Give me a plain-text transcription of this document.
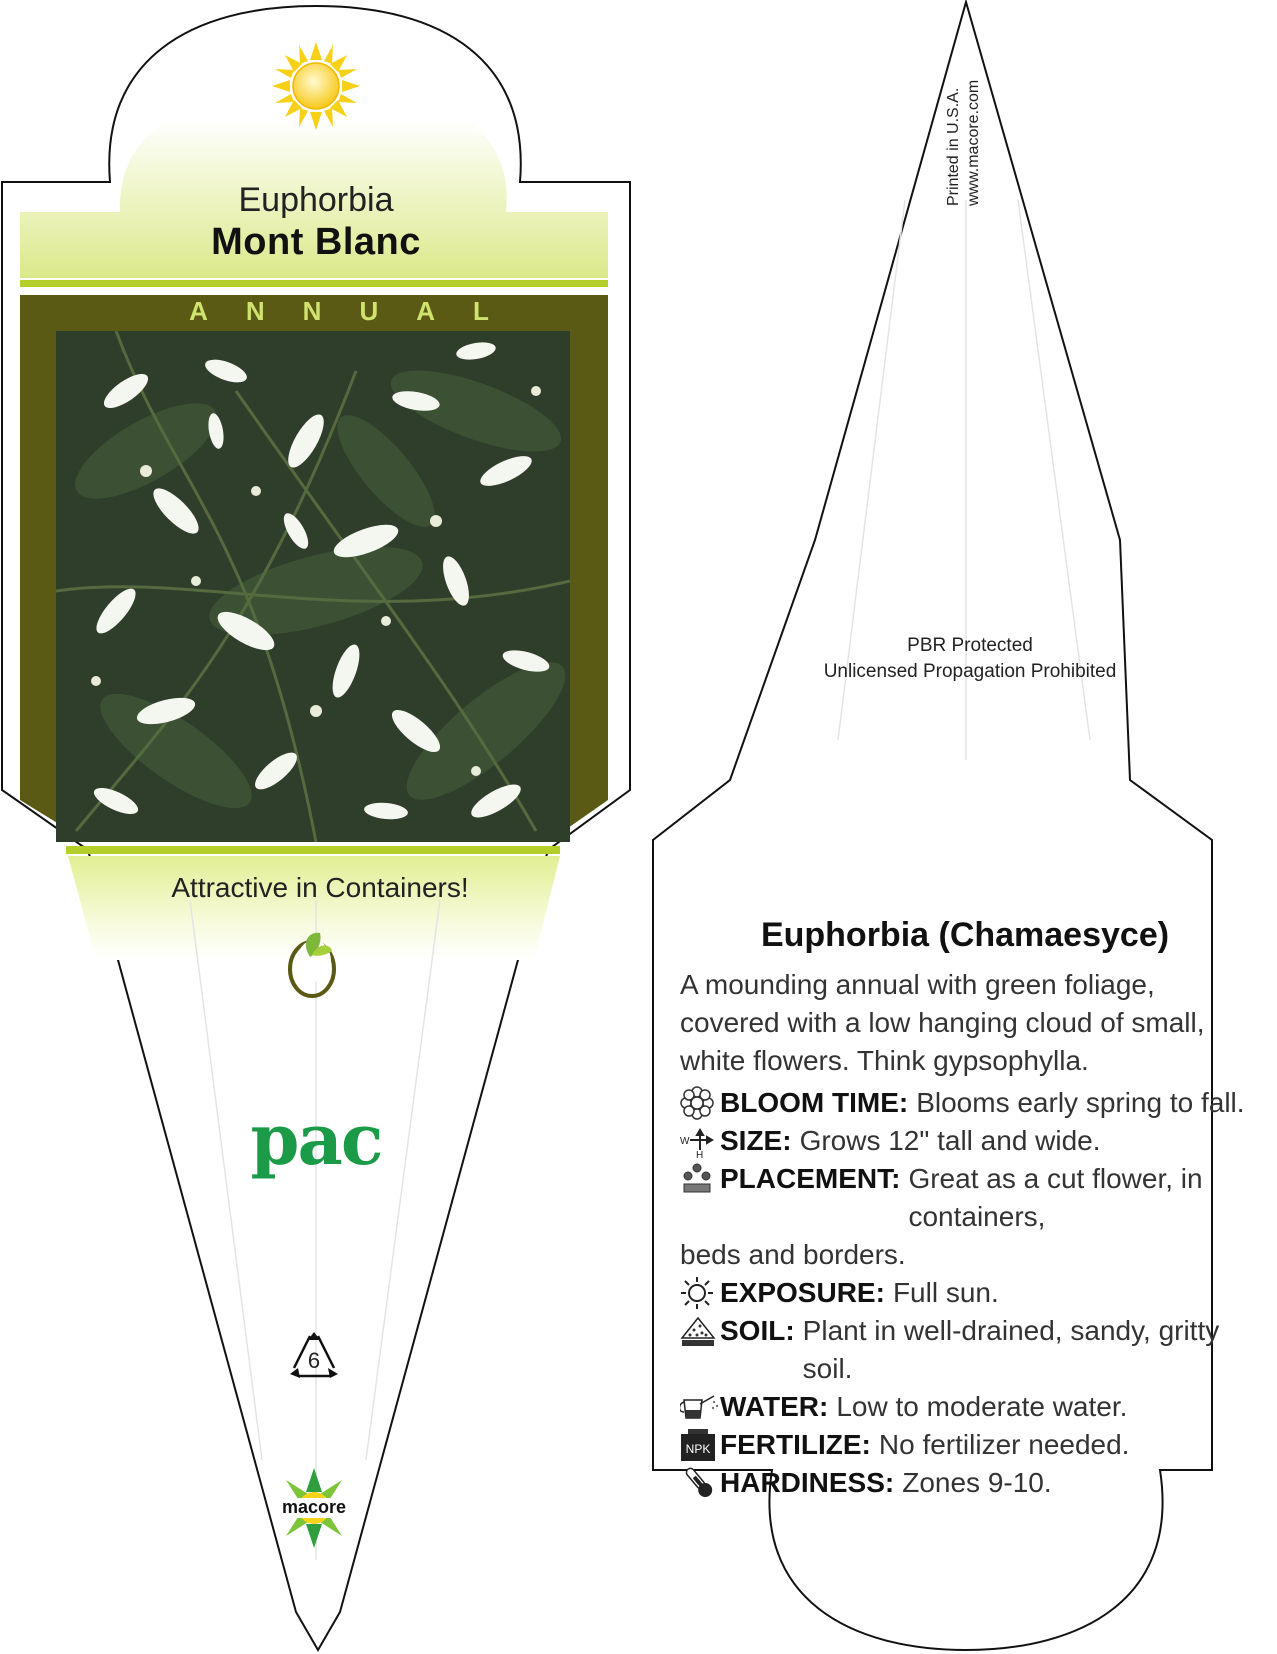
Euphorbia
Mont Blanc
ANNUAL
Attractive in Containers!
pac
6
macore
Printed in U.S.A. www.macore.com
PBR Protected
Unlicensed Propagation Prohibited
Euphorbia (Chamaesyce)
A mounding annual with green foliage, covered with a low hanging cloud of small, white flowers. Think gypsophylla.
BLOOM TIME: Blooms early spring to fall.
W
H SIZE: Grows 12" tall and wide.
PLACEMENT: Great as a cut flower, in containers,
beds and borders.
EXPOSURE: Full sun.
SOIL: Plant in well-drained, sandy, gritty soil.
WATER: Low to moderate water.
NPK FERTILIZE: No fertilizer needed.
HARDINESS: Zones 9-10.
